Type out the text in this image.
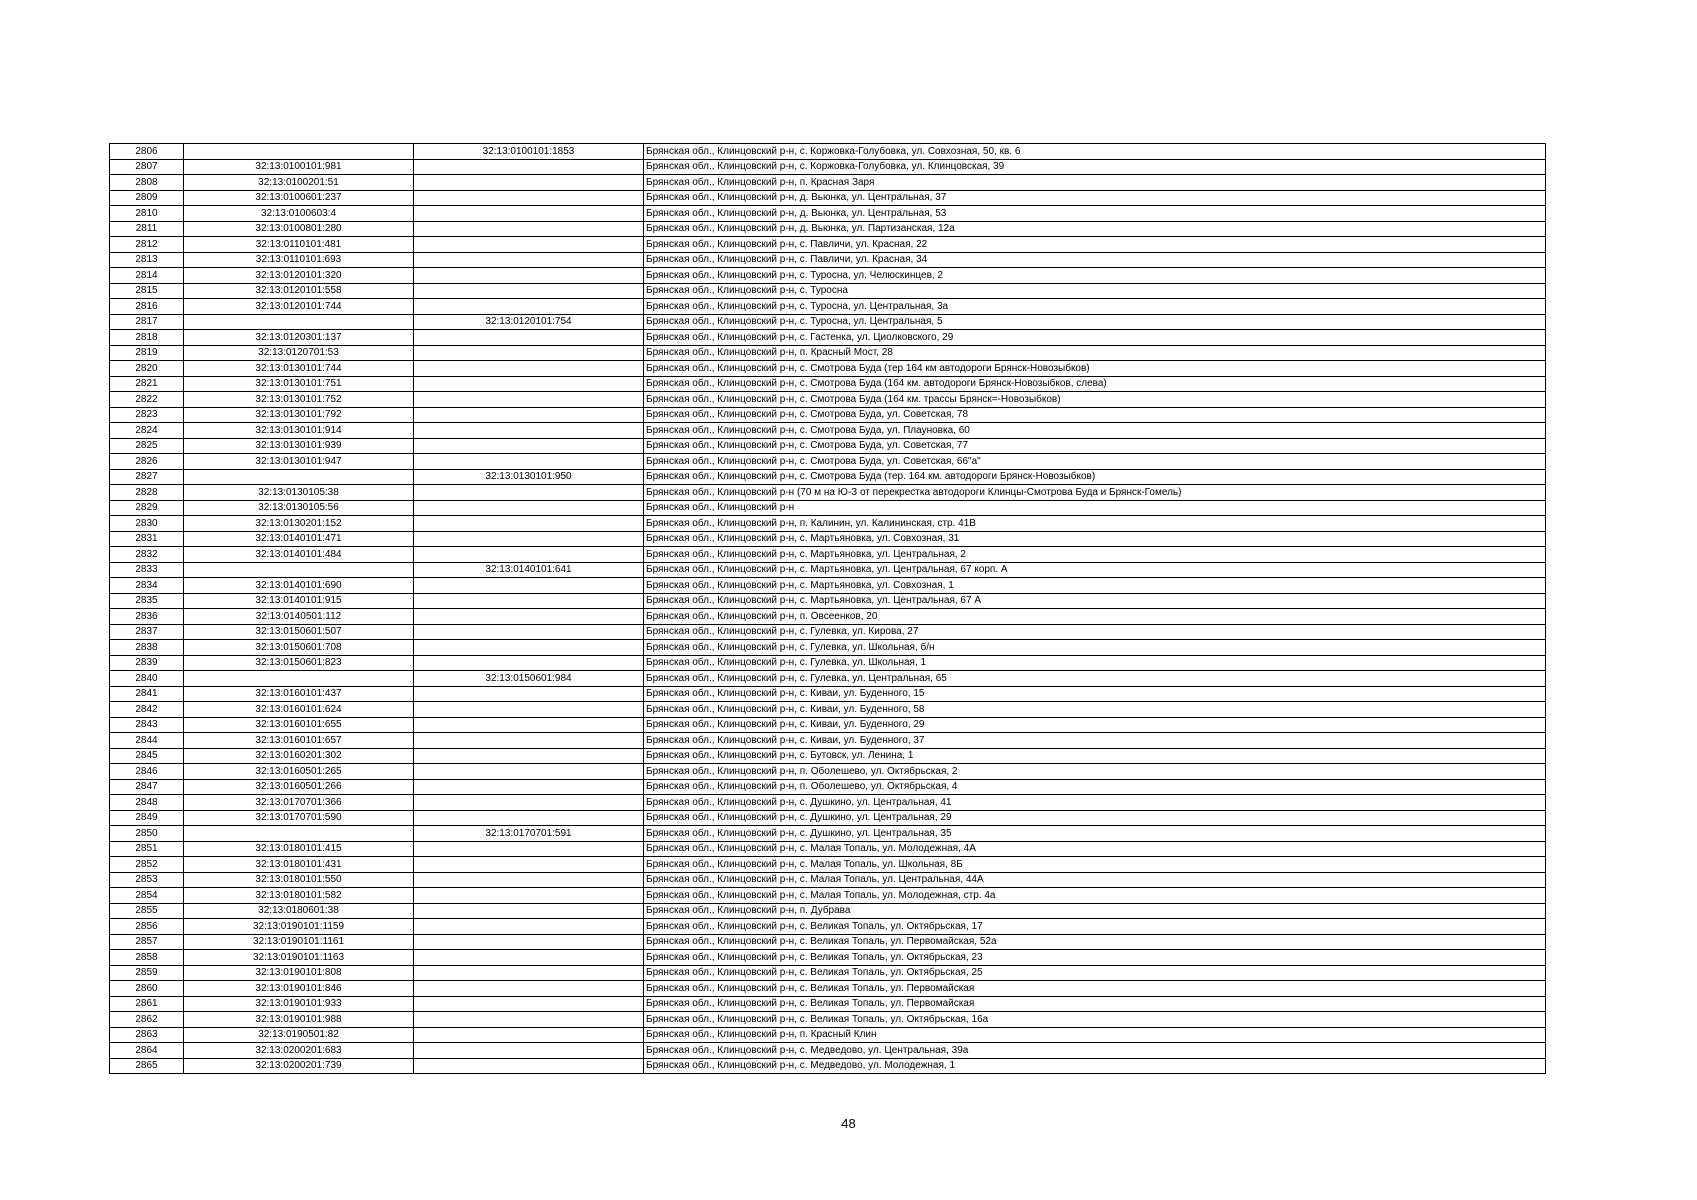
2806		32:13:0100101:1853	Брянская обл., Клинцовский р-н, с. Коржовка-Голубовка, ул. Совхозная, 50, кв. 6
2807	32:13:0100101:981		Брянская обл., Клинцовский р-н, с. Коржовка-Голубовка, ул. Клинцовская, 39
2808	32:13:0100201:51		Брянская обл., Клинцовский р-н, п. Красная Заря
2809	32:13:0100601:237		Брянская обл., Клинцовский р-н, д. Вьюнка, ул. Центральная, 37
2810	32:13:0100603:4		Брянская обл., Клинцовский р-н, д. Вьюнка, ул. Центральная, 53
2811	32:13:0100801:280		Брянская обл., Клинцовский р-н, д. Вьюнка, ул. Партизанская, 12а
2812	32:13:0110101:481		Брянская обл., Клинцовский р-н, с. Павличи, ул. Красная, 22
2813	32:13:0110101:693		Брянская обл., Клинцовский р-н, с. Павличи, ул. Красная, 34
2814	32:13:0120101:320		Брянская обл., Клинцовский р-н, с. Туросна, ул. Челюскинцев, 2
2815	32:13:0120101:558		Брянская обл., Клинцовский р-н, с. Туросна
2816	32:13:0120101:744		Брянская обл., Клинцовский р-н, с. Туросна, ул. Центральная, 3а
2817		32:13:0120101:754	Брянская обл., Клинцовский р-н, с. Туросна, ул. Центральная, 5
2818	32:13:0120301:137		Брянская обл., Клинцовский р-н, с. Гастенка, ул. Циолковского, 29
2819	32:13:0120701:53		Брянская обл., Клинцовский р-н, п. Красный Мост, 28
2820	32:13:0130101:744		Брянская обл., Клинцовский р-н, с. Смотрова Буда (тер 164 км автодороги Брянск-Новозыбков)
2821	32:13:0130101:751		Брянская обл., Клинцовский р-н, с. Смотрова Буда (164 км. автодороги Брянск-Новозыбков, слева)
2822	32:13:0130101:752		Брянская обл., Клинцовский р-н, с. Смотрова Буда (164 км. трассы Брянск=-Новозыбков)
2823	32:13:0130101:792		Брянская обл., Клинцовский р-н, с. Смотрова Буда, ул. Советская, 78
2824	32:13:0130101:914		Брянская обл., Клинцовский р-н, с. Смотрова Буда, ул. Плауновка, 60
2825	32:13:0130101:939		Брянская обл., Клинцовский р-н, с. Смотрова Буда, ул. Советская, 77
2826	32:13:0130101:947		Брянская обл., Клинцовский р-н, с. Смотрова Буда, ул. Советская, 66"а"
2827		32:13:0130101:950	Брянская обл., Клинцовский р-н, с. Смотрова Буда (тер. 164 км. автодороги Брянск-Новозыбков)
2828	32:13:0130105:38		Брянская обл., Клинцовский р-н (70 м на Ю-З от перекрестка автодороги Клинцы-Смотрова Буда и Брянск-Гомель)
2829	32:13:0130105:56		Брянская обл., Клинцовский р-н
2830	32:13:0130201:152		Брянская обл., Клинцовский р-н, п. Калинин, ул. Калининская, стр. 41В
2831	32:13:0140101:471		Брянская обл., Клинцовский р-н, с. Мартьяновка, ул. Совхозная, 31
2832	32:13:0140101:484		Брянская обл., Клинцовский р-н, с. Мартьяновка, ул. Центральная, 2
2833		32:13:0140101:641	Брянская обл., Клинцовский р-н, с. Мартьяновка, ул. Центральная, 67 корп. А
2834	32:13:0140101:690		Брянская обл., Клинцовский р-н, с. Мартьяновка, ул. Совхозная, 1
2835	32:13:0140101:915		Брянская обл., Клинцовский р-н, с. Мартьяновка, ул. Центральная, 67 А
2836	32:13:0140501:112		Брянская обл., Клинцовский р-н, п. Овсеенков, 20
2837	32:13:0150601:507		Брянская обл., Клинцовский р-н, с. Гулевка, ул. Кирова, 27
2838	32:13:0150601:708		Брянская обл., Клинцовский р-н, с. Гулевка, ул. Школьная, б/н
2839	32:13:0150601:823		Брянская обл., Клинцовский р-н, с. Гулевка, ул. Школьная, 1
2840		32:13:0150601:984	Брянская обл., Клинцовский р-н, с. Гулевка, ул. Центральная, 65
2841	32:13:0160101:437		Брянская обл., Клинцовский р-н, с. Киваи, ул. Буденного, 15
2842	32:13:0160101:624		Брянская обл., Клинцовский р-н, с. Киваи, ул. Буденного, 58
2843	32:13:0160101:655		Брянская обл., Клинцовский р-н, с. Киваи, ул. Буденного, 29
2844	32:13:0160101:657		Брянская обл., Клинцовский р-н, с. Киваи, ул. Буденного, 37
2845	32:13:0160201:302		Брянская обл., Клинцовский р-н, с. Бутовск, ул. Ленина, 1
2846	32:13:0160501:265		Брянская обл., Клинцовский р-н, п. Оболешево, ул. Октябрьская, 2
2847	32:13:0160501:266		Брянская обл., Клинцовский р-н, п. Оболешево, ул. Октябрьская, 4
2848	32:13:0170701:366		Брянская обл., Клинцовский р-н, с. Душкино, ул. Центральная, 41
2849	32:13:0170701:590		Брянская обл., Клинцовский р-н, с. Душкино, ул. Центральная, 29
2850		32:13:0170701:591	Брянская обл., Клинцовский р-н, с. Душкино, ул. Центральная, 35
2851	32:13:0180101:415		Брянская обл., Клинцовский р-н, с. Малая Топаль, ул. Молодежная, 4А
2852	32:13:0180101:431		Брянская обл., Клинцовский р-н, с. Малая Топаль, ул. Школьная, 8Б
2853	32:13:0180101:550		Брянская обл., Клинцовский р-н, с. Малая Топаль, ул. Центральная, 44А
2854	32:13:0180101:582		Брянская обл., Клинцовский р-н, с. Малая Топаль, ул. Молодежная, стр. 4а
2855	32:13:0180601:38		Брянская обл., Клинцовский р-н, п. Дубрава
2856	32:13:0190101:1159		Брянская обл., Клинцовский р-н, с. Великая Топаль, ул. Октябрьская, 17
2857	32:13:0190101:1161		Брянская обл., Клинцовский р-н, с. Великая Топаль, ул. Первомайская, 52а
2858	32:13:0190101:1163		Брянская обл., Клинцовский р-н, с. Великая Топаль, ул. Октябрьская, 23
2859	32:13:0190101:808		Брянская обл., Клинцовский р-н, с. Великая Топаль, ул. Октябрьская, 25
2860	32:13:0190101:846		Брянская обл., Клинцовский р-н, с. Великая Топаль, ул. Первомайская
2861	32:13:0190101:933		Брянская обл., Клинцовский р-н, с. Великая Топаль, ул. Первомайская
2862	32:13:0190101:988		Брянская обл., Клинцовский р-н, с. Великая Топаль, ул. Октябрьская, 16а
2863	32:13:0190501:82		Брянская обл., Клинцовский р-н, п. Красный Клин
2864	32:13:0200201:683		Брянская обл., Клинцовский р-н, с. Медведово, ул. Центральная, 39а
2865	32:13:0200201:739		Брянская обл., Клинцовский р-н, с. Медведово, ул. Молодежная, 1
48
